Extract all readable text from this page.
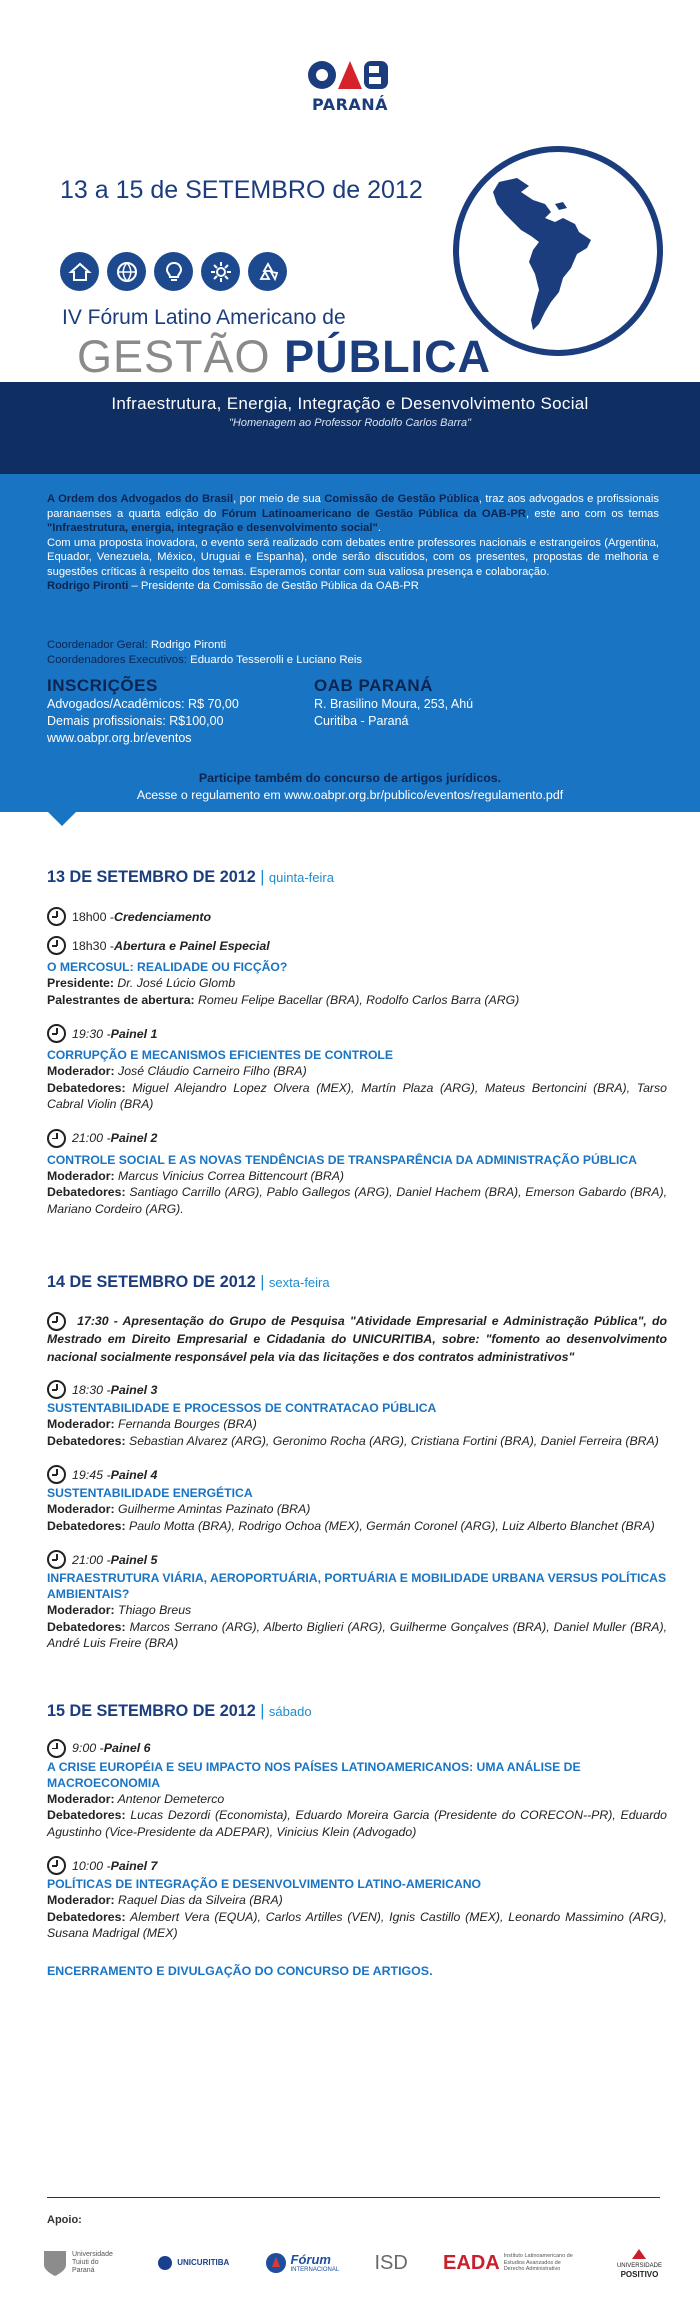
PARANÁ
13 a 15 de SETEMBRO de 2012
IV Fórum Latino Americano de
GESTÃO PÚBLICA
Infraestrutura, Energia, Integração e Desenvolvimento Social
"Homenagem ao Professor Rodolfo Carlos Barra"
A Ordem dos Advogados do Brasil, por meio de sua Comissão de Gestão Pública, traz aos advogados e profissionais paranaenses a quarta edição do Fórum Latinoamericano de Gestão Pública da OAB-PR, este ano com os temas "Infraestrutura, energia, integração e desenvolvimento social".
Com uma proposta inovadora, o evento será realizado com debates entre professores nacionais e estrangeiros (Argentina, Equador, Venezuela, México, Uruguai e Espanha), onde serão discutidos, com os presentes, propostas de melhoria e sugestões críticas à respeito dos temas. Esperamos contar com sua valiosa presença e colaboração.
Rodrigo Pironti – Presidente da Comissão de Gestão Pública da OAB-PR
Coordenador Geral: Rodrigo Pironti
Coordenadores Executivos: Eduardo Tesserolli e Luciano Reis
INSCRIÇÕES
Advogados/Acadêmicos: R$ 70,00
Demais profissionais: R$100,00
www.oabpr.org.br/eventos
OAB PARANÁ
R. Brasilino Moura, 253, Ahú
Curitiba - Paraná
Participe também do concurso de artigos jurídicos.
Acesse o regulamento em www.oabpr.org.br/publico/eventos/regulamento.pdf
13 DE SETEMBRO DE 2012 | quinta-feira
18h00 - Credenciamento
18h30 - Abertura e Painel Especial
O MERCOSUL: REALIDADE OU FICÇÃO?
Presidente: Dr. José Lúcio Glomb
Palestrantes de abertura: Romeu Felipe Bacellar (BRA), Rodolfo Carlos Barra (ARG)
19:30 - Painel 1
CORRUPÇÃO E MECANISMOS EFICIENTES DE CONTROLE
Moderador: José Cláudio Carneiro Filho (BRA)
Debatedores: Miguel Alejandro Lopez Olvera (MEX), Martín Plaza (ARG), Mateus Bertoncini (BRA), Tarso Cabral Violin (BRA)
21:00 - Painel 2
CONTROLE SOCIAL E AS NOVAS TENDÊNCIAS DE TRANSPARÊNCIA DA ADMINISTRAÇÃO PÚBLICA
Moderador: Marcus Vinicius Correa Bittencourt (BRA)
Debatedores: Santiago Carrillo (ARG), Pablo Gallegos (ARG), Daniel Hachem (BRA), Emerson Gabardo (BRA), Mariano Cordeiro (ARG).
14 DE SETEMBRO DE 2012 | sexta-feira
17:30 - Apresentação do Grupo de Pesquisa "Atividade Empresarial e Administração Pública", do Mestrado em Direito Empresarial e Cidadania do UNICURITIBA, sobre: "fomento ao desenvolvimento nacional socialmente responsável pela via das licitações e dos contratos administrativos"
18:30 - Painel 3
SUSTENTABILIDADE E PROCESSOS DE CONTRATACAO PÚBLICA
Moderador: Fernanda Bourges (BRA)
Debatedores: Sebastian Alvarez (ARG), Geronimo Rocha (ARG), Cristiana Fortini (BRA), Daniel Ferreira (BRA)
19:45 - Painel 4
SUSTENTABILIDADE ENERGÉTICA
Moderador: Guilherme Amintas Pazinato (BRA)
Debatedores: Paulo Motta (BRA), Rodrigo Ochoa (MEX), Germán Coronel (ARG), Luiz Alberto Blanchet (BRA)
21:00 - Painel 5
INFRAESTRUTURA VIÁRIA, AEROPORTUÁRIA, PORTUÁRIA E MOBILIDADE URBANA VERSUS POLÍTICAS AMBIENTAIS?
Moderador: Thiago Breus
Debatedores: Marcos Serrano (ARG), Alberto Biglieri (ARG), Guilherme Gonçalves (BRA), Daniel Muller (BRA), André Luis Freire (BRA)
15 DE SETEMBRO DE 2012 | sábado
9:00 - Painel 6
A CRISE EUROPÉIA E SEU IMPACTO NOS PAÍSES LATINOAMERICANOS: UMA ANÁLISE DE MACROECONOMIA
Moderador: Antenor Demeterco
Debatedores: Lucas Dezordi (Economista), Eduardo Moreira Garcia (Presidente do CORECON--PR), Eduardo Agustinho (Vice-Presidente da ADEPAR), Vinicius Klein (Advogado)
10:00 - Painel 7
POLÍTICAS DE INTEGRAÇÃO E DESENVOLVIMENTO LATINO-AMERICANO
Moderador: Raquel Dias da Silveira (BRA)
Debatedores: Alembert Vera (EQUA), Carlos Artilles (VEN), Ignis Castillo (MEX), Leonardo Massimino (ARG), Susana Madrigal (MEX)
ENCERRAMENTO E DIVULGAÇÃO DO CONCURSO DE ARTIGOS.
Apoio:
Universidade Tuiuti do Paraná
UNICURITIBA	Fórum
INTERNACIONAL ISD EADA Instituto Latinoamericano de Estudios Avanzados de Derecho Administrativo
UNIVERSIDADE
POSITIVO
